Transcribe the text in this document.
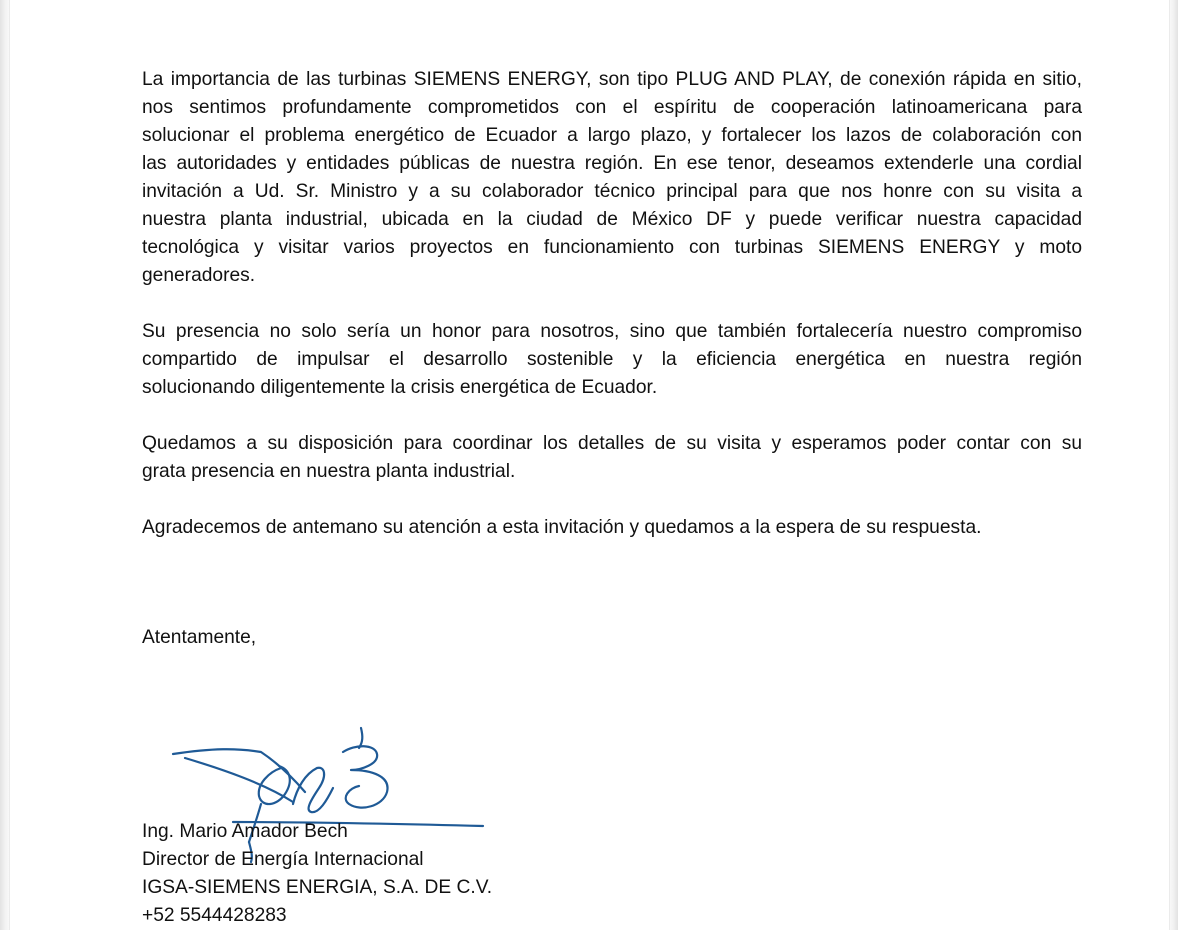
La importancia de las turbinas SIEMENS ENERGY, son tipo PLUG AND PLAY, de conexión rápida en sitio,
nos sentimos profundamente comprometidos con el espíritu de cooperación latinoamericana para
solucionar el problema energético de Ecuador a largo plazo, y fortalecer los lazos de colaboración con
las autoridades y entidades públicas de nuestra región. En ese tenor, deseamos extenderle una cordial
invitación a Ud. Sr. Ministro y a su colaborador técnico principal para que nos honre con su visita a
nuestra planta industrial, ubicada en la ciudad de México DF y puede verificar nuestra capacidad
tecnológica y visitar varios proyectos en funcionamiento con turbinas SIEMENS ENERGY y moto
generadores.

Su presencia no solo sería un honor para nosotros, sino que también fortalecería nuestro compromiso
compartido de impulsar el desarrollo sostenible y la eficiencia energética en nuestra región
solucionando diligentemente la crisis energética de Ecuador.

Quedamos a su disposición para coordinar los detalles de su visita y esperamos poder contar con su
grata presencia en nuestra planta industrial.

Agradecemos de antemano su atención a esta invitación y quedamos a la espera de su respuesta.

Atentamente,

Ing. Mario Amador Bech
Director de Energía Internacional
IGSA-SIEMENS ENERGIA, S.A. DE C.V.
+52 5544428283
